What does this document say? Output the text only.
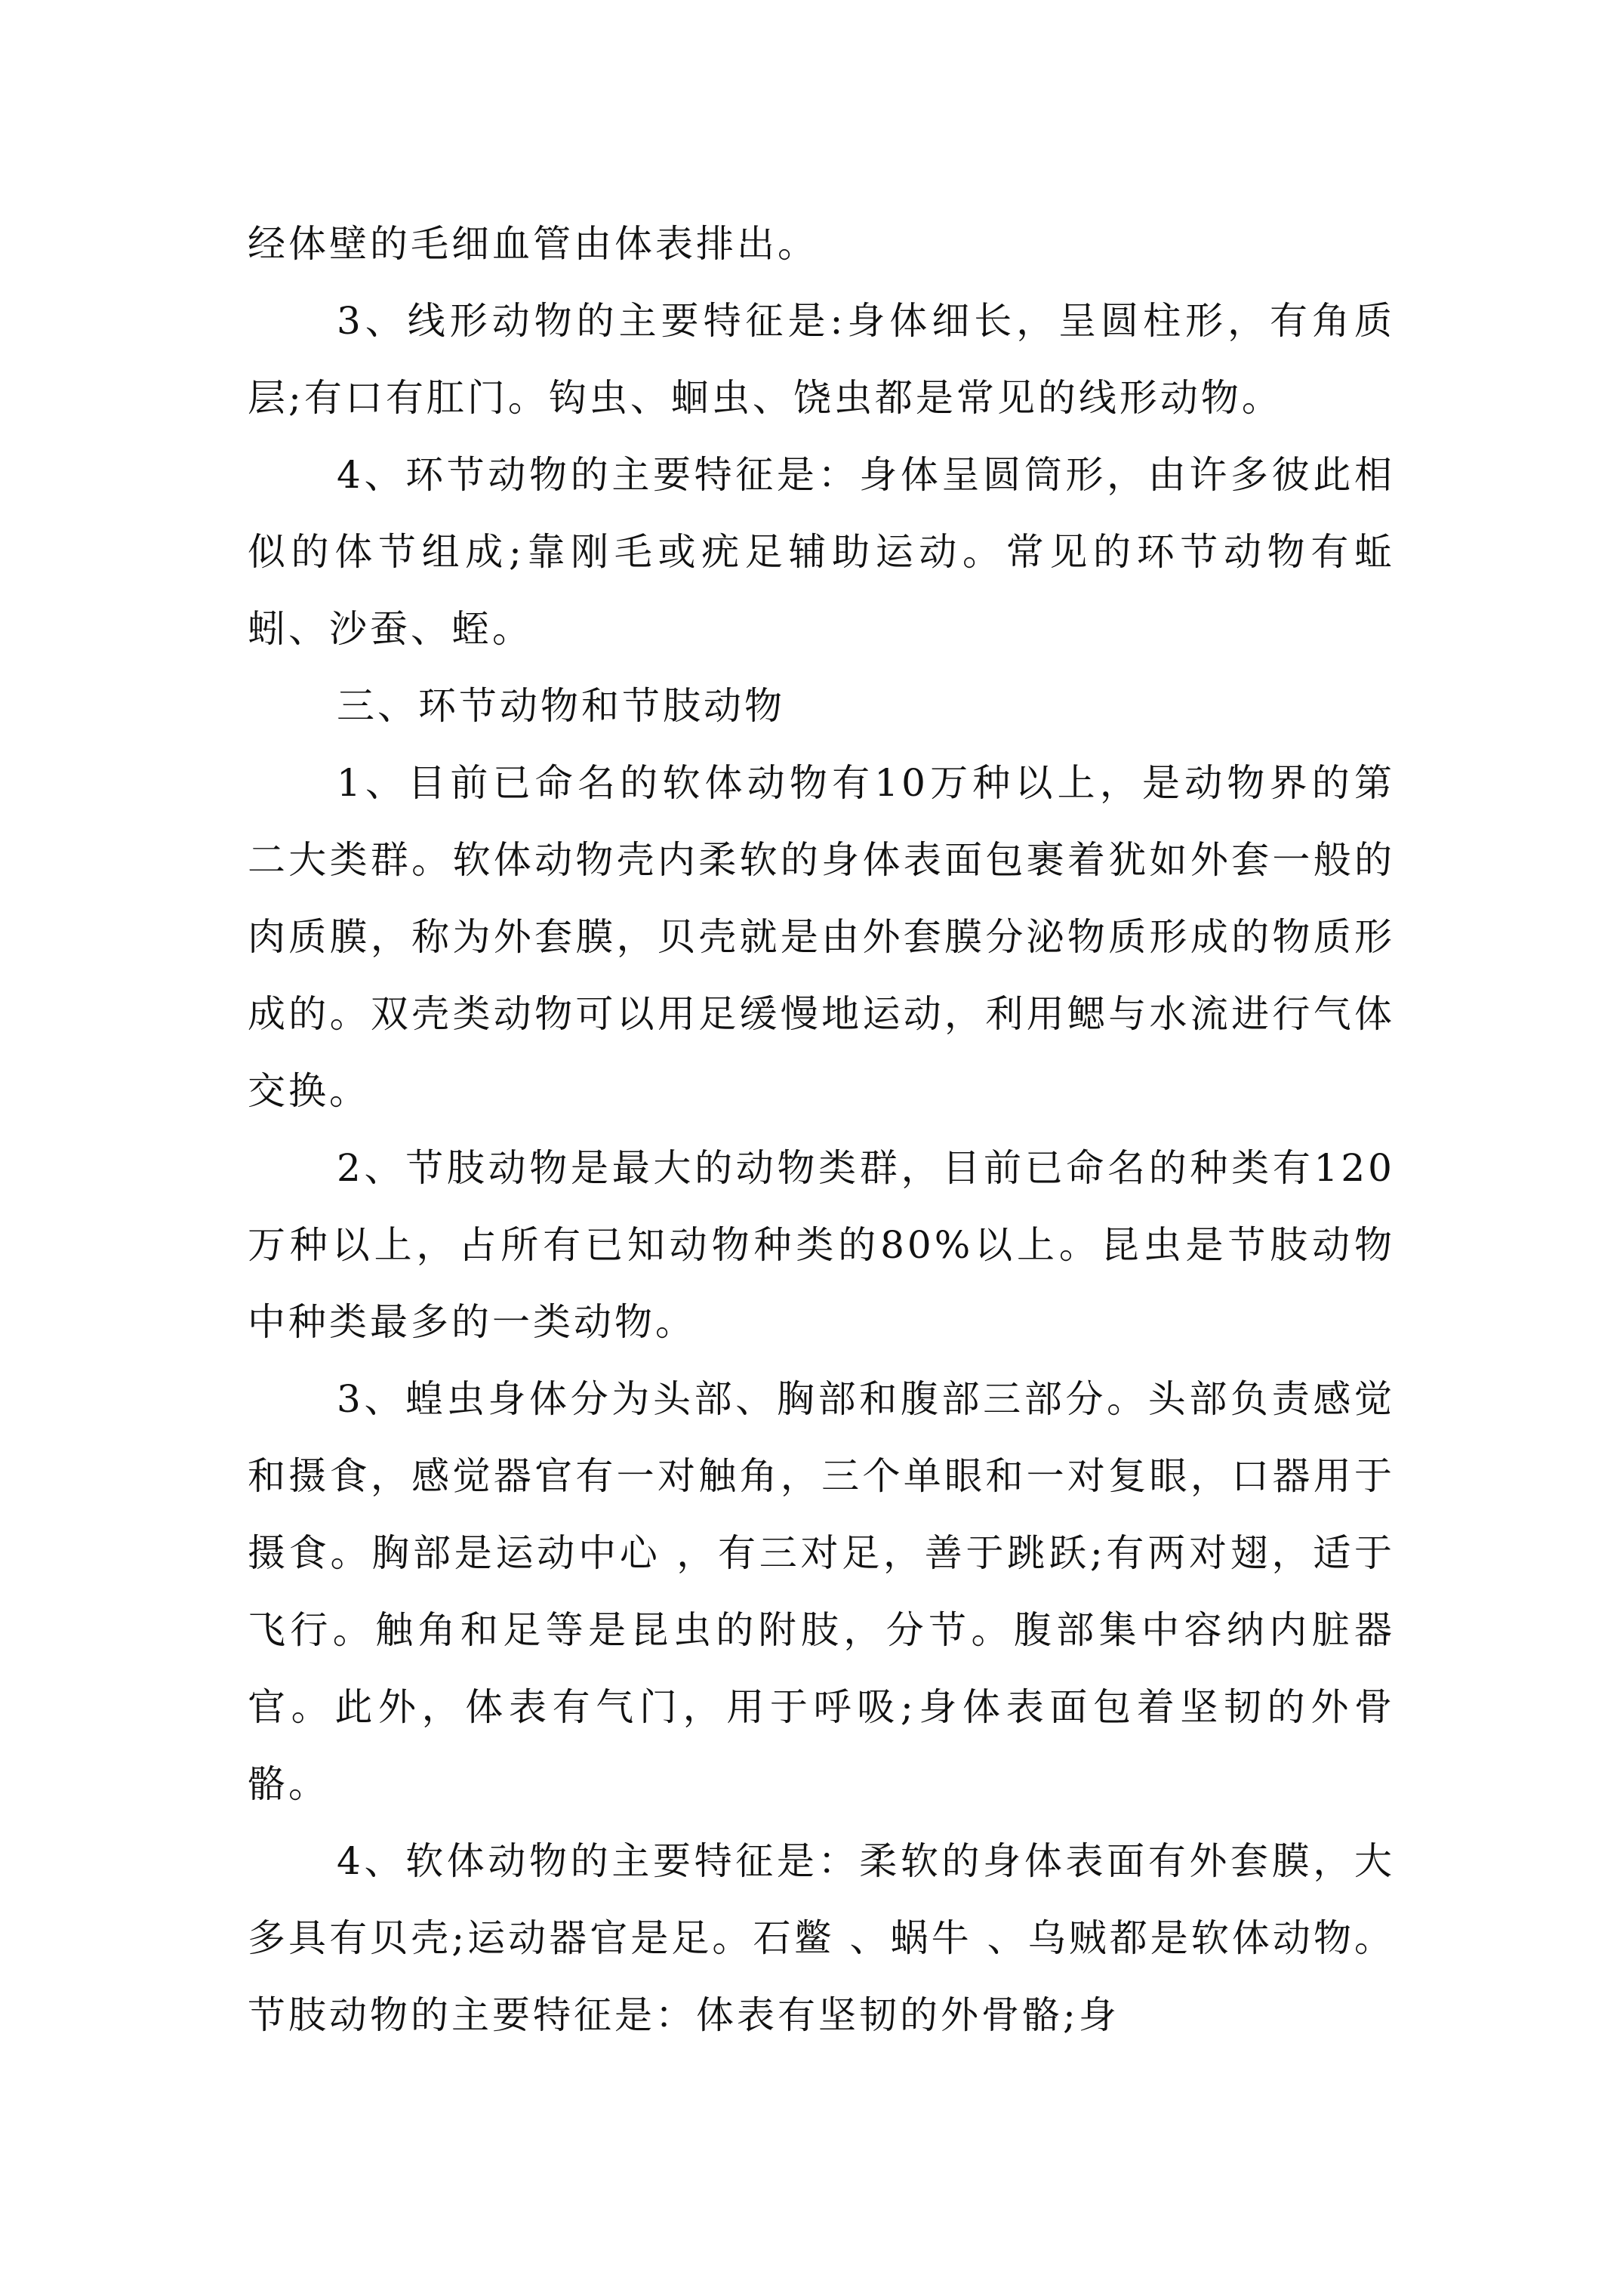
经体壁的毛细血管由体表排出。

3、线形动物的主要特征是:身体细长，呈圆柱形，有角质层;有口有肛门。钩虫、蛔虫、饶虫都是常见的线形动物。

4、环节动物的主要特征是：身体呈圆筒形，由许多彼此相似的体节组成;靠刚毛或疣足辅助运动。常见的环节动物有蚯蚓、沙蚕、蛭。

三、环节动物和节肢动物

1、目前已命名的软体动物有10万种以上，是动物界的第二大类群。软体动物壳内柔软的身体表面包裹着犹如外套一般的肉质膜，称为外套膜，贝壳就是由外套膜分泌物质形成的物质形成的。双壳类动物可以用足缓慢地运动，利用鳃与水流进行气体交换。

2、节肢动物是最大的动物类群，目前已命名的种类有120万种以上，占所有已知动物种类的80%以上。昆虫是节肢动物中种类最多的一类动物。

3、蝗虫身体分为头部、胸部和腹部三部分。头部负责感觉和摄食，感觉器官有一对触角，三个单眼和一对复眼，口器用于摄食。胸部是运动中心 ，有三对足，善于跳跃;有两对翅，适于飞行。触角和足等是昆虫的附肢，分节。腹部集中容纳内脏器官。此外，体表有气门，用于呼吸;身体表面包着坚韧的外骨骼。

4、软体动物的主要特征是：柔软的身体表面有外套膜，大多具有贝壳;运动器官是足。石鳖 、蜗牛 、乌贼都是软体动物。节肢动物的主要特征是：体表有坚韧的外骨骼;身
